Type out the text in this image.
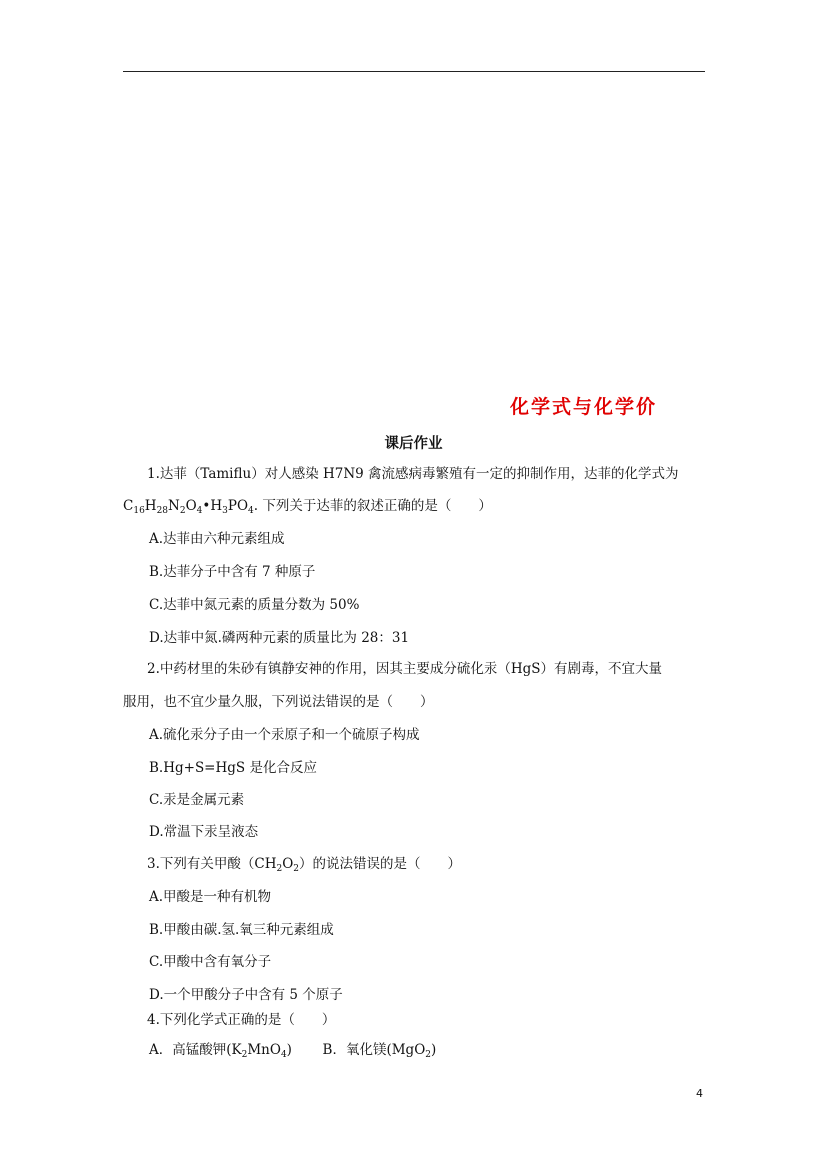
化学式与化学价
课后作业
1.达菲（Tamiflu）对人感染 H7N9 禽流感病毒繁殖有一定的抑制作用，达菲的化学式为
$C_{16}H_{28}N_2O_4•H_3PO_4$. 下列关于达菲的叙述正确的是（　　）
A.达菲由六种元素组成
B.达菲分子中含有 7 种原子
C.达菲中氮元素的质量分数为 50%
D.达菲中氮.磷两种元素的质量比为 28：31
2.中药材里的朱砂有镇静安神的作用，因其主要成分硫化汞（HgS）有剧毒，不宜大量
服用，也不宜少量久服，下列说法错误的是（　　）
A.硫化汞分子由一个汞原子和一个硫原子构成
B.Hg+S=HgS 是化合反应
C.汞是金属元素
D.常温下汞呈液态
3.下列有关甲酸$(CH_2O_2)$的说法错误的是（　　）
A.甲酸是一种有机物
B.甲酸由碳.氢.氧三种元素组成
C.甲酸中含有氧分子
D.一个甲酸分子中含有 5 个原子
4.下列化学式正确的是（　　）
A．高锰酸钾$(K_2MnO_4)$ B．氧化镁(MgO$_2$)
4
